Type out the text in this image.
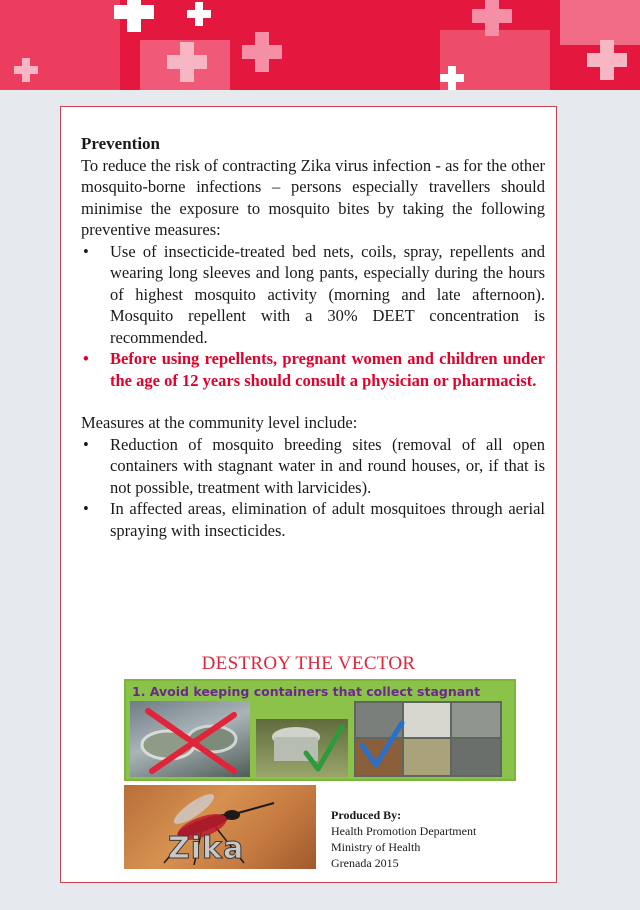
Prevention

To reduce the risk of contracting Zika virus infection - as for the other mosquito-borne infections – persons especially travellers should minimise the exposure to mosquito bites by taking the following preventive measures:

• Use of insecticide-treated bed nets, coils, spray, repellents and wearing long sleeves and long pants, especially during the hours of highest mosquito activity (morning and late afternoon). Mosquito repellent with a 30% DEET concentration is recommended.
• Before using repellents, pregnant women and children under the age of 12 years should consult a physician or pharmacist.

Measures at the community level include:

• Reduction of mosquito breeding sites (removal of all open containers with stagnant water in and round houses, or, if that is not possible, treatment with larvicides).
• In affected areas, elimination of adult mosquitoes through aerial spraying with insecticides.
DESTROY THE VECTOR
1. Avoid keeping containers that collect stagnant
Zika
Produced By:
Health Promotion Department
Ministry of Health
Grenada 2015
